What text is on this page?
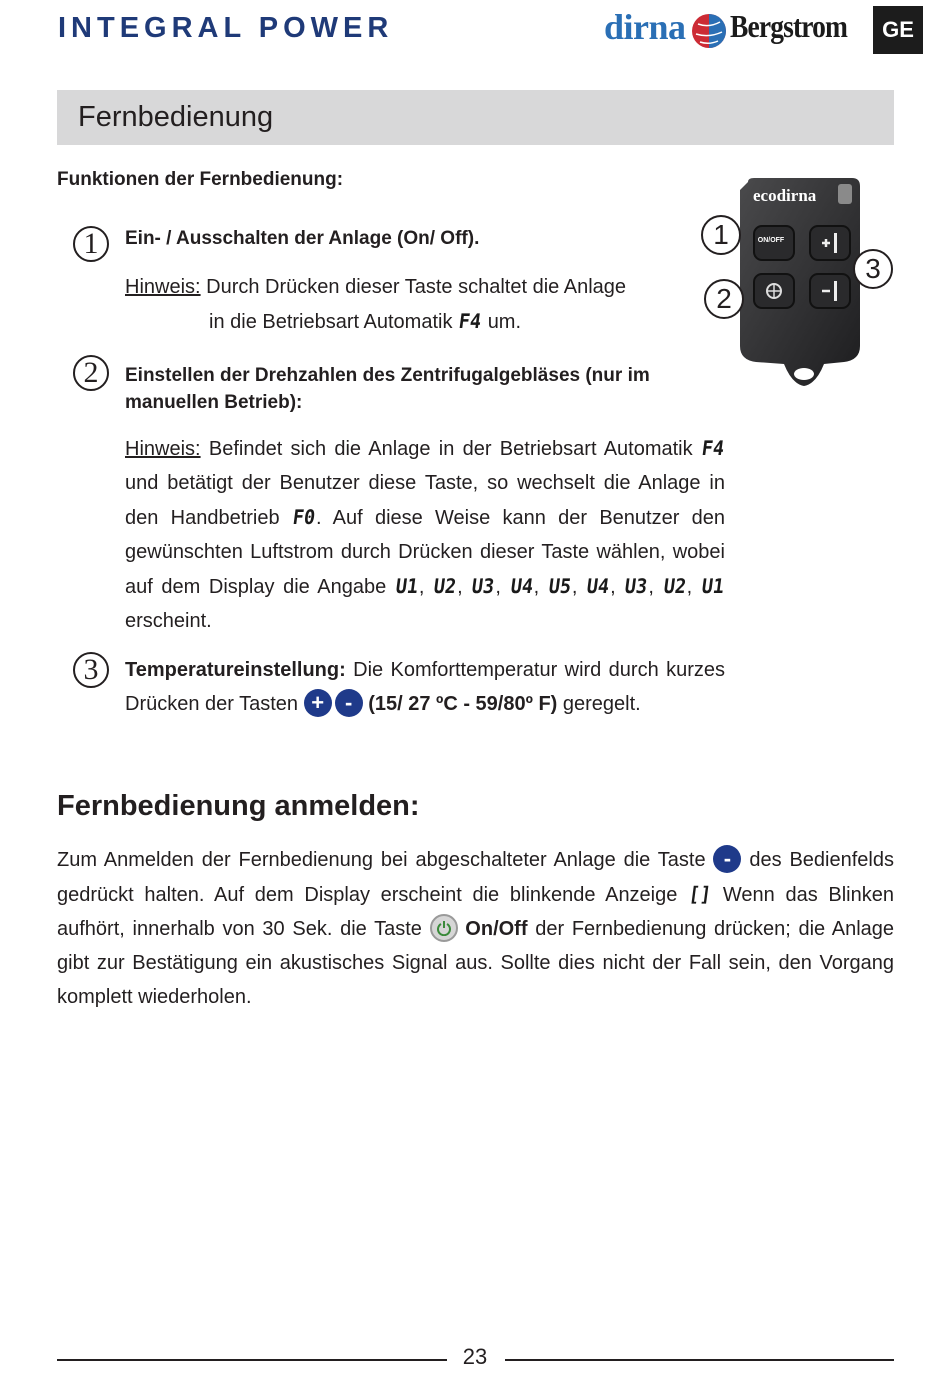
INTEGRAL POWER	dirna Bergstrom	GE
Fernbedienung
Funktionen der Fernbedienung:
1	Ein- / Ausschalten der Anlage (On/ Off).
Hinweis: Durch Drücken dieser Taste schaltet die Anlage
in die Betriebsart Automatik F4 um.
2	Einstellen der Drehzahlen des Zentrifugalgebläses (nur im manuellen Betrieb):
Hinweis: Befindet sich die Anlage in der Betriebsart Automatik F4 und betätigt der Benutzer diese Taste, so wechselt die Anlage in den Handbetrieb F0. Auf diese Weise kann der Benutzer den gewünschten Luftstrom durch Drücken dieser Taste wählen, wobei auf dem Display die Angabe U1, U2, U3, U4, U5, U4, U3, U2, U1 erscheint.
3	Temperatureinstellung: Die Komforttemperatur wird durch kurzes Drücken der Tasten + - (15/ 27 ºC - 59/80º F) geregelt.
ecodirna
ON/OFF
1
2
3
Fernbedienung anmelden:
Zum Anmelden der Fernbedienung bei abgeschalteter Anlage die Taste - des Bedienfelds gedrückt halten. Auf dem Display erscheint die blinkende Anzeige [] Wenn das Blinken aufhört, innerhalb von 30 Sek. die Taste On/Off der Fernbedienung drücken; die Anlage gibt zur Bestätigung ein akustisches Signal aus. Sollte dies nicht der Fall sein, den Vorgang komplett wiederholen.
23
